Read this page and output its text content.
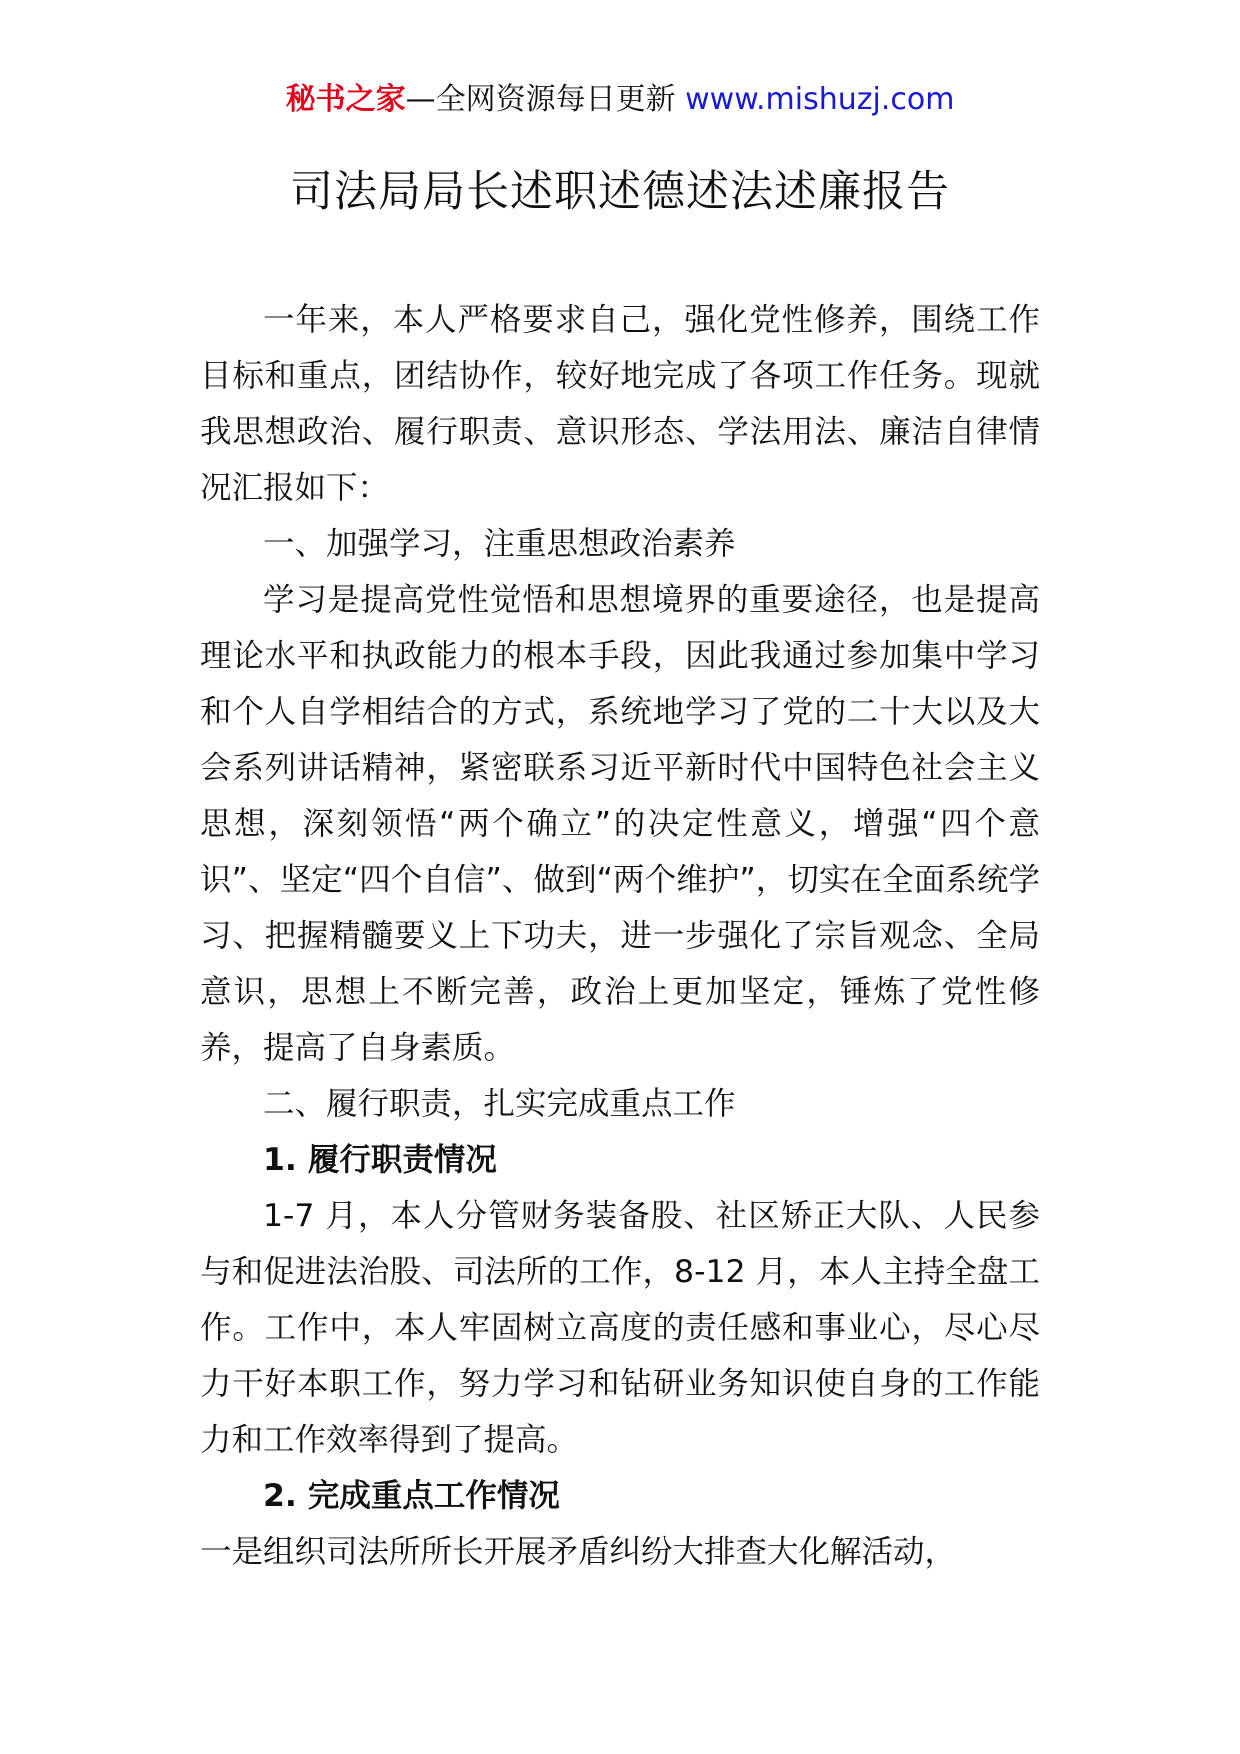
秘书之家—全网资源每日更新 www.mishuzj.com
司法局局长述职述德述法述廉报告

一年来，本人严格要求自己，强化党性修养，围绕工作目标和重点，团结协作，较好地完成了各项工作任务。现就我思想政治、履行职责、意识形态、学法用法、廉洁自律情况汇报如下：

一、加强学习，注重思想政治素养

学习是提高党性觉悟和思想境界的重要途径，也是提高理论水平和执政能力的根本手段，因此我通过参加集中学习和个人自学相结合的方式，系统地学习了党的二十大以及大会系列讲话精神，紧密联系习近平新时代中国特色社会主义思想，深刻领悟“两个确立”的决定性意义，增强“四个意识”、坚定“四个自信”、做到“两个维护”，切实在全面系统学习、把握精髓要义上下功夫，进一步强化了宗旨观念、全局意识，思想上不断完善，政治上更加坚定，锤炼了党性修养，提高了自身素质。

二、履行职责，扎实完成重点工作

1. 履行职责情况

1-7 月，本人分管财务装备股、社区矫正大队、人民参与和促进法治股、司法所的工作，8-12 月，本人主持全盘工作。工作中，本人牢固树立高度的责任感和事业心，尽心尽力干好本职工作，努力学习和钻研业务知识使自身的工作能力和工作效率得到了提高。

2. 完成重点工作情况

一是组织司法所所长开展矛盾纠纷大排查大化解活动，
